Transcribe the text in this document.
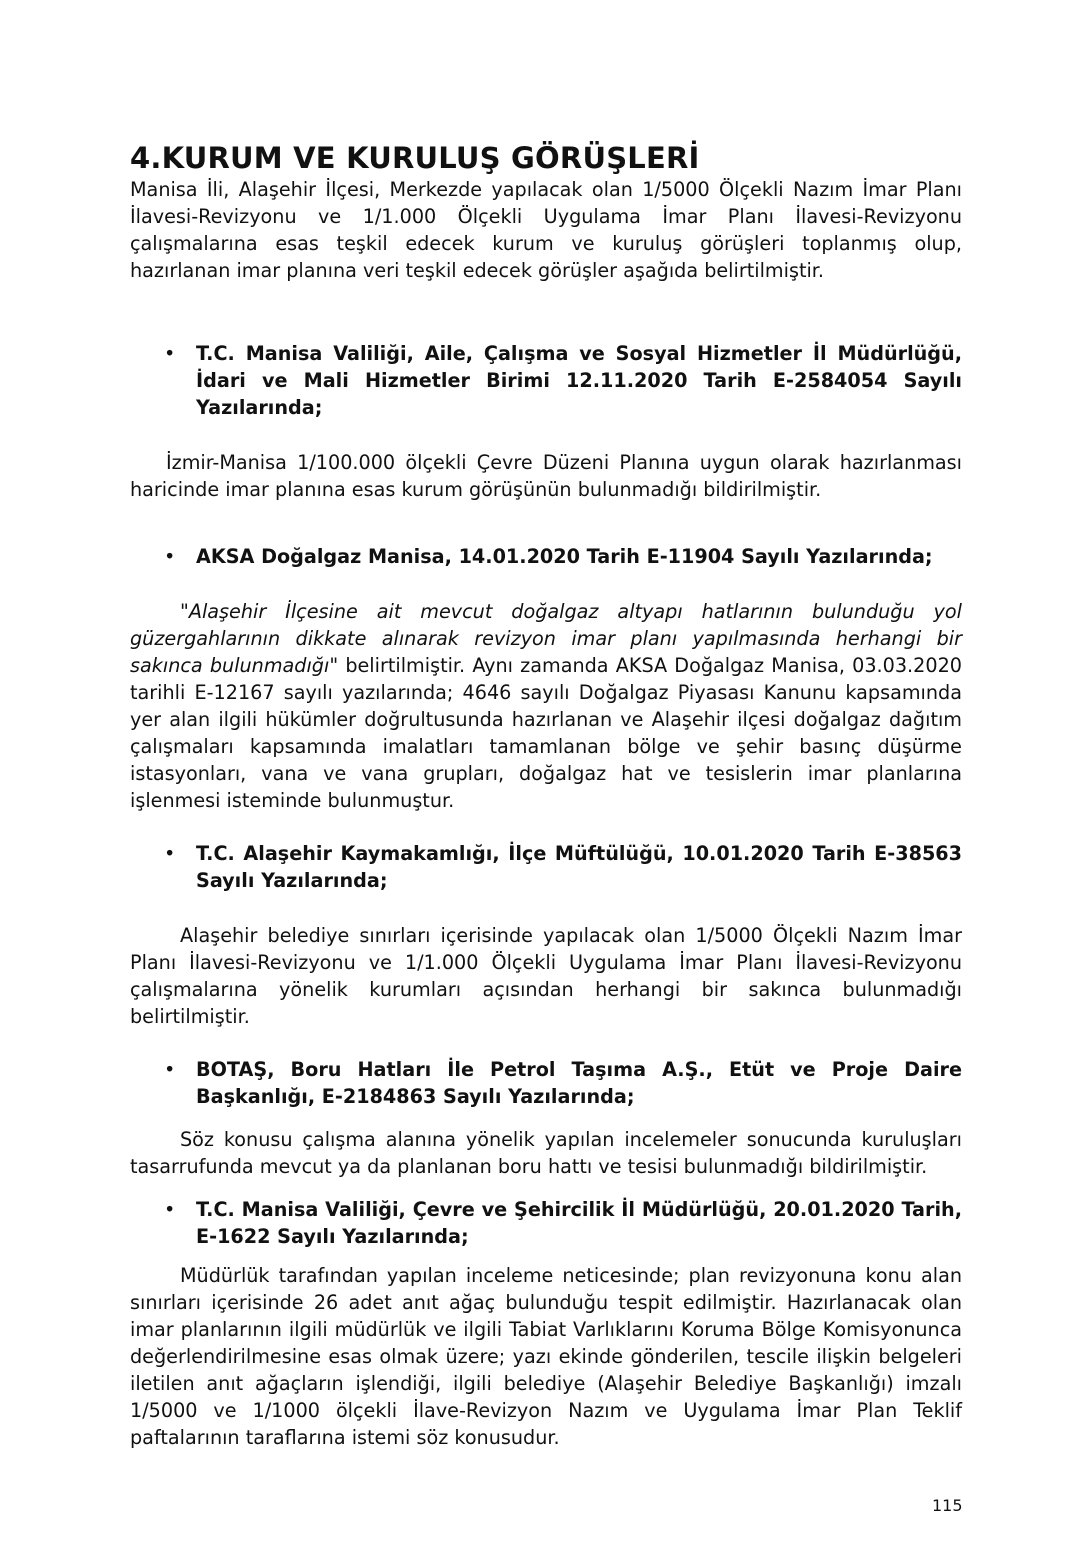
4.KURUM VE KURULUŞ GÖRÜŞLERİ

Manisa İli, Alaşehir İlçesi, Merkezde yapılacak olan 1/5000 Ölçekli Nazım İmar Planı İlavesi-Revizyonu ve 1/1.000 Ölçekli Uygulama İmar Planı İlavesi-Revizyonu çalışmalarına esas teşkil edecek kurum ve kuruluş görüşleri toplanmış olup, hazırlanan imar planına veri teşkil edecek görüşler aşağıda belirtilmiştir.

• T.C. Manisa Valiliği, Aile, Çalışma ve Sosyal Hizmetler İl Müdürlüğü, İdari ve Mali Hizmetler Birimi 12.11.2020 Tarih E-2584054 Sayılı Yazılarında;

İzmir-Manisa 1/100.000 ölçekli Çevre Düzeni Planına uygun olarak hazırlanması haricinde imar planına esas kurum görüşünün bulunmadığı bildirilmiştir.

• AKSA Doğalgaz Manisa, 14.01.2020 Tarih E-11904 Sayılı Yazılarında;

"Alaşehir İlçesine ait mevcut doğalgaz altyapı hatlarının bulunduğu yol güzergahlarının dikkate alınarak revizyon imar planı yapılmasında herhangi bir sakınca bulunmadığı" belirtilmiştir. Aynı zamanda AKSA Doğalgaz Manisa, 03.03.2020 tarihli E-12167 sayılı yazılarında; 4646 sayılı Doğalgaz Piyasası Kanunu kapsamında yer alan ilgili hükümler doğrultusunda hazırlanan ve Alaşehir ilçesi doğalgaz dağıtım çalışmaları kapsamında imalatları tamamlanan bölge ve şehir basınç düşürme istasyonları, vana ve vana grupları, doğalgaz hat ve tesislerin imar planlarına işlenmesi isteminde bulunmuştur.

• T.C. Alaşehir Kaymakamlığı, İlçe Müftülüğü, 10.01.2020 Tarih E-38563 Sayılı Yazılarında;

Alaşehir belediye sınırları içerisinde yapılacak olan 1/5000 Ölçekli Nazım İmar Planı İlavesi-Revizyonu ve 1/1.000 Ölçekli Uygulama İmar Planı İlavesi-Revizyonu çalışmalarına yönelik kurumları açısından herhangi bir sakınca bulunmadığı belirtilmiştir.

• BOTAŞ, Boru Hatları İle Petrol Taşıma A.Ş., Etüt ve Proje Daire Başkanlığı, E-2184863 Sayılı Yazılarında;

Söz konusu çalışma alanına yönelik yapılan incelemeler sonucunda kuruluşları tasarrufunda mevcut ya da planlanan boru hattı ve tesisi bulunmadığı bildirilmiştir.

• T.C. Manisa Valiliği, Çevre ve Şehircilik İl Müdürlüğü, 20.01.2020 Tarih, E-1622 Sayılı Yazılarında;

Müdürlük tarafından yapılan inceleme neticesinde; plan revizyonuna konu alan sınırları içerisinde 26 adet anıt ağaç bulunduğu tespit edilmiştir. Hazırlanacak olan imar planlarının ilgili müdürlük ve ilgili Tabiat Varlıklarını Koruma Bölge Komisyonunca değerlendirilmesine esas olmak üzere; yazı ekinde gönderilen, tescile ilişkin belgeleri iletilen anıt ağaçların işlendiği, ilgili belediye (Alaşehir Belediye Başkanlığı) imzalı 1/5000 ve 1/1000 ölçekli İlave-Revizyon Nazım ve Uygulama İmar Plan Teklif paftalarının taraflarına istemi söz konusudur.

115
